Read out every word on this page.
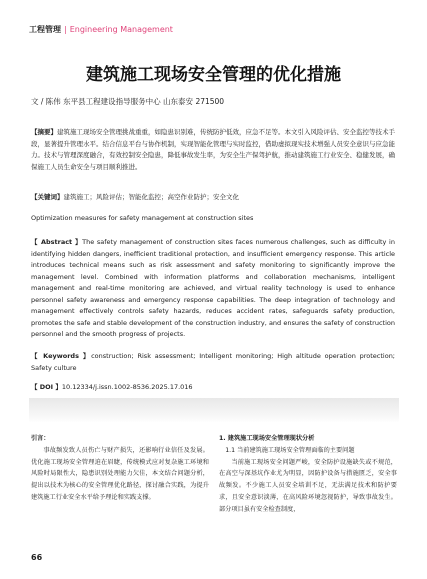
工程管理 | Engineering Management
建筑施工现场安全管理的优化措施
文 / 陈伟 东平县工程建设指导服务中心 山东泰安 271500
【摘要】建筑施工现场安全管理挑战重重，如隐患识别难，传统防护低效，应急不足等。本文引入风险评估、安全监控等技术手段，显著提升管理水平。结合信息平台与协作机制，实现智能化管理与实时监控，借助虚拟现实技术增强人员安全意识与应急能力。技术与管理深度融合，有效控制安全隐患，降低事故发生率，为安全生产保驾护航，推动建筑施工行业安全、稳健发展，确保施工人员生命安全与项目顺利推进。
【关键词】建筑施工；风险评估；智能化监控；高空作业防护；安全文化
Optimization measures for safety management at construction sites
【 Abstract 】The safety management of construction sites faces numerous challenges, such as difficulty in identifying hidden dangers, inefficient traditional protection, and insufficient emergency response. This article introduces technical means such as risk assessment and safety monitoring to significantly improve the management level. Combined with information platforms and collaboration mechanisms, intelligent management and real-time monitoring are achieved, and virtual reality technology is used to enhance personnel safety awareness and emergency response capabilities. The deep integration of technology and management effectively controls safety hazards, reduces accident rates, safeguards safety production, promotes the safe and stable development of the construction industry, and ensures the safety of construction personnel and the smooth progress of projects.
【 Keywords 】construction; Risk assessment; Intelligent monitoring; High altitude operation protection; Safety culture
【 DOI 】10.12334/j.issn.1002-8536.2025.17.016

引言：

事故频发致人员伤亡与财产损失，还影响行业信任及发展。优化施工现场安全管理迫在眉睫，传统模式应对复杂施工环境和风险时局限性大，隐患识别处理能力欠佳，本文结合问题分析，提出以技术为核心的安全管理优化路径，探讨融合实践，为提升建筑施工行业安全水平给予理论和实践支撑。

1. 建筑施工现场安全管理现状分析

1.1 当前建筑施工现场安全管理面临的主要问题

当前施工现场安全问题严峻，安全防护设施缺失或不规范，在高空与深基坑作业尤为明显，因防护设备与措施匮乏，安全事故频发。不少施工人员安全培训不足，无法满足技术和防护要求，且安全意识淡薄，在高风险环境忽视防护，导致事故发生。部分项目虽有安全检查制度，

66
